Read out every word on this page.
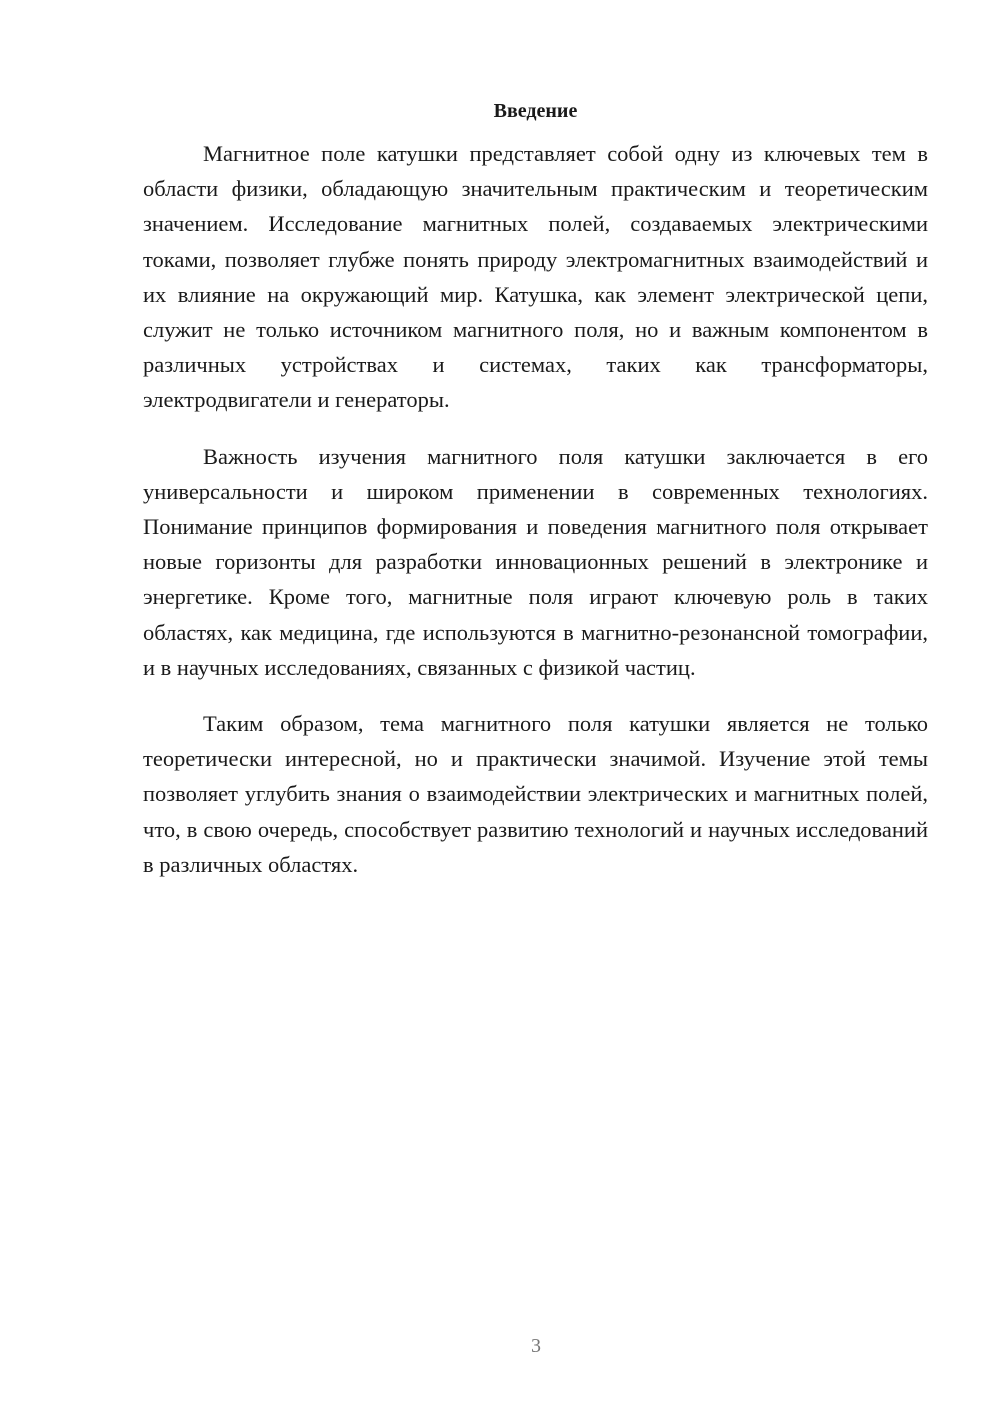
Введение

Магнитное поле катушки представляет собой одну из ключевых тем в области физики, обладающую значительным практическим и теоретическим значением. Исследование магнитных полей, создаваемых электрическими токами, позволяет глубже понять природу электромагнитных взаимодействий и их влияние на окружающий мир. Катушка, как элемент электрической цепи, служит не только источником магнитного поля, но и важным компонентом в различных устройствах и системах, таких как трансформаторы, электродвигатели и генераторы.

Важность изучения магнитного поля катушки заключается в его универсальности и широком применении в современных технологиях. Понимание принципов формирования и поведения магнитного поля открывает новые горизонты для разработки инновационных решений в электронике и энергетике. Кроме того, магнитные поля играют ключевую роль в таких областях, как медицина, где используются в магнитно-резонансной томографии, и в научных исследованиях, связанных с физикой частиц.

Таким образом, тема магнитного поля катушки является не только теоретически интересной, но и практически значимой. Изучение этой темы позволяет углубить знания о взаимодействии электрических и магнитных полей, что, в свою очередь, способствует развитию технологий и научных исследований в различных областях.

3
